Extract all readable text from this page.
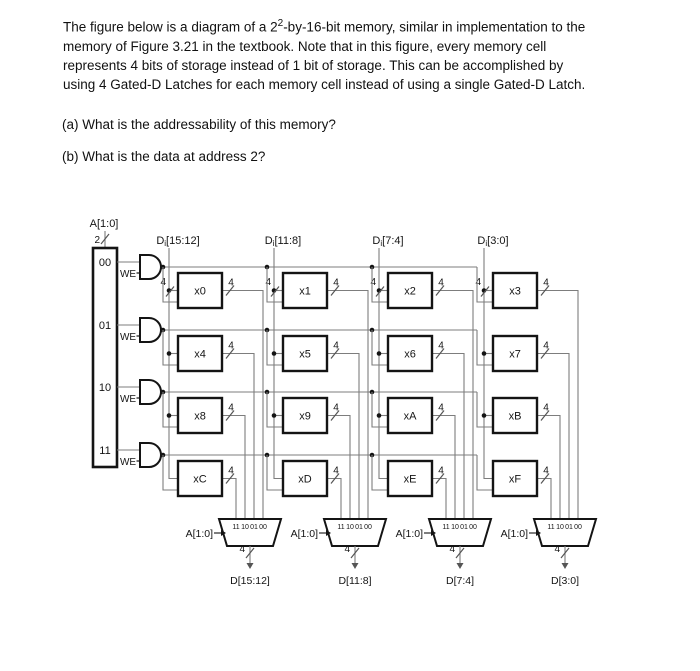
The figure below is a diagram of a $2^2-by-16$-bit memory, similar in implementation to the
memory of Figure 3.21 in the textbook. Note that in this figure, every memory cell
represents 4 bits of storage instead of 1 bit of storage. This can be accomplished by
using 4 Gated-D Latches for each memory cell instead of using a single Gated-D Latch.
(a) What is the addressability of this memory?
(b) What is the data at address 2?
A[1:0]
2
00
01
10
11
WE
WE
WE
WE
Di[15:12]
4
Di[11:8]
4
Di[7:4]
4
Di[3:0]
4
4	4	4	4
4	4	4	4
4	4	4	4
4	4	4	4
x0	x1	x2	x3
x4	x5	x6	x7
x8	x9	xA	xB
xC	xD	xE	xF
11 10 01 00
A[1:0]
4
D[15:12]
11 10 01 00
A[1:0]
4
D[11:8]
11 10 01 00
A[1:0]
4
D[7:4]
11 10 01 00
A[1:0]
4
D[3:0]
